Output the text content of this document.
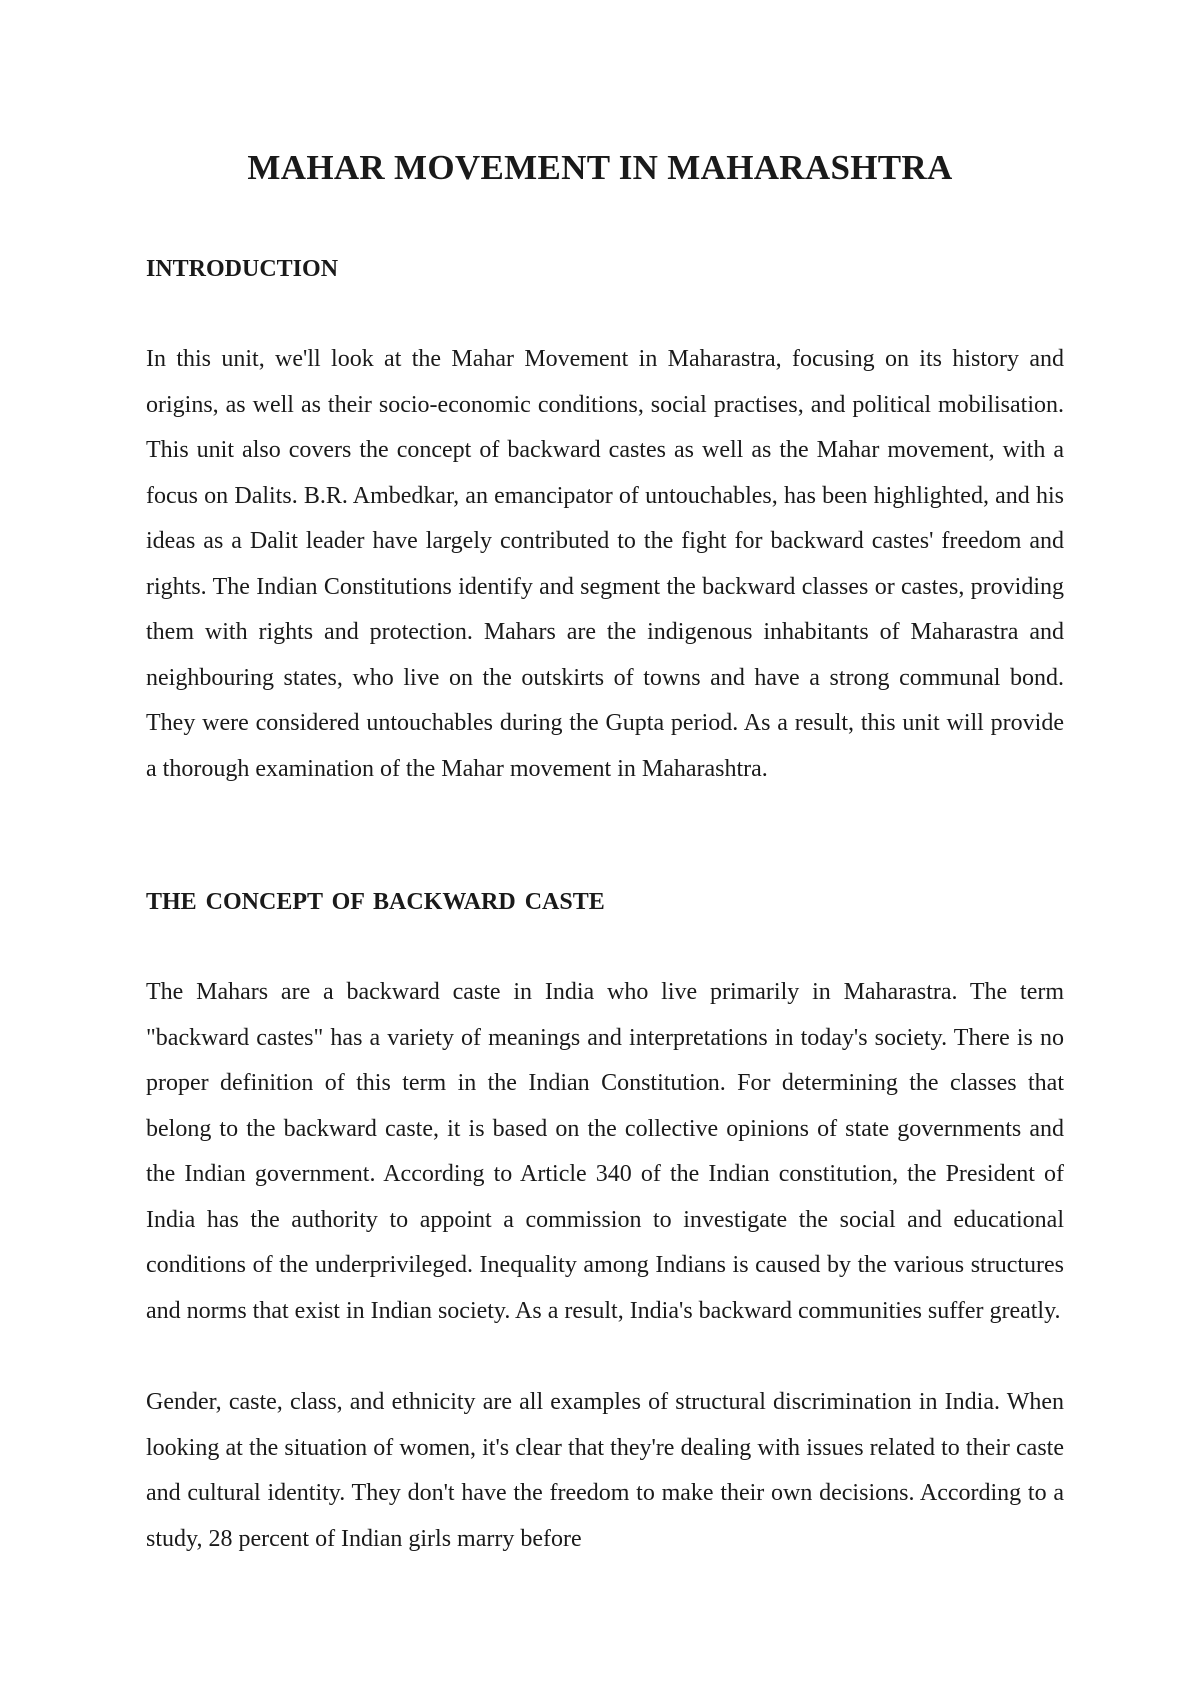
MAHAR MOVEMENT IN MAHARASHTRA
INTRODUCTION

In this unit, we'll look at the Mahar Movement in Maharastra, focusing on its history and origins, as well as their socio-economic conditions, social practises, and political mobilisation. This unit also covers the concept of backward castes as well as the Mahar movement, with a focus on Dalits. B.R. Ambedkar, an emancipator of untouchables, has been highlighted, and his ideas as a Dalit leader have largely contributed to the fight for backward castes' freedom and rights. The Indian Constitutions identify and segment the backward classes or castes, providing them with rights and protection. Mahars are the indigenous inhabitants of Maharastra and neighbouring states, who live on the outskirts of towns and have a strong communal bond. They were considered untouchables during the Gupta period. As a result, this unit will provide a thorough examination of the Mahar movement in Maharashtra.

THE CONCEPT OF BACKWARD CASTE

The Mahars are a backward caste in India who live primarily in Maharastra. The term "backward castes" has a variety of meanings and interpretations in today's society. There is no proper definition of this term in the Indian Constitution. For determining the classes that belong to the backward caste, it is based on the collective opinions of state governments and the Indian government. According to Article 340 of the Indian constitution, the President of India has the authority to appoint a commission to investigate the social and educational conditions of the underprivileged. Inequality among Indians is caused by the various structures and norms that exist in Indian society. As a result, India's backward communities suffer greatly.

Gender, caste, class, and ethnicity are all examples of structural discrimination in India. When looking at the situation of women, it's clear that they're dealing with issues related to their caste and cultural identity. They don't have the freedom to make their own decisions. According to a study, 28 percent of Indian girls marry before
